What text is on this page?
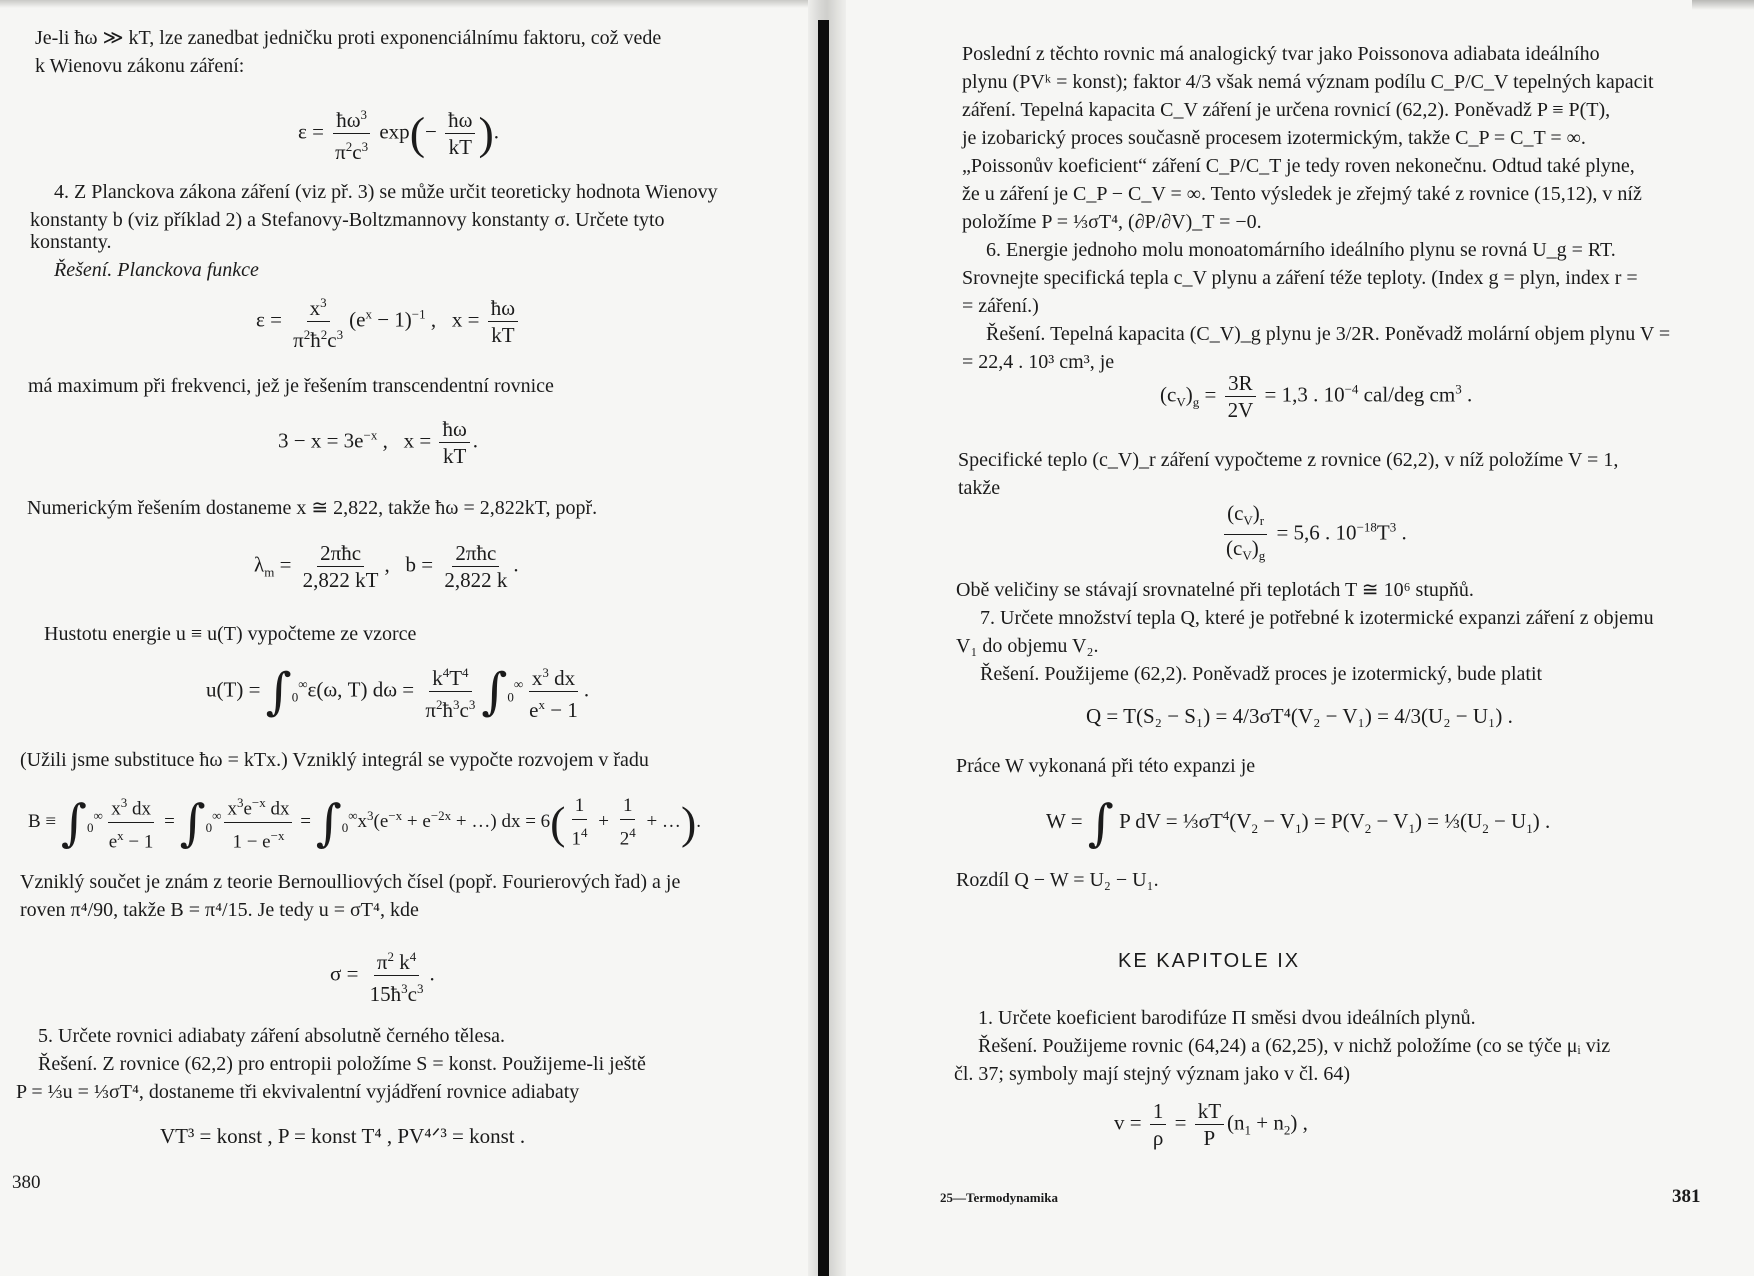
Je-li ħω ≫ kT, lze zanedbat jedničku proti exponenciálnímu faktoru, což vede
k Wienovu zákonu záření:
$\varepsilon = \frac{ħ\omega^3}{\pi^2c^3} \exp(- \frac{ħ\omega}{kT}$ ).
4. Z Planckova zákona záření (viz př. 3) se může určit teoreticky hodnota Wienovy
konstanty b (viz příklad 2) a Stefanovy-Boltzmannovy konstanty σ. Určete tyto
konstanty.
Řešení. Planckova funkce
$\varepsilon = \frac{x^3}{\pi^2ħ^2c^3} (e^x - 1)^{-1}$ ,   $x = \frac{ħ\omega}{kT}$
má maximum při frekvenci, jež je řešením transcendentní rovnice
$3 - x = 3e^{-x}$ ,   $x = \frac{ħ\omega}{kT}$ .
Numerickým řešením dostaneme x ≅ 2,822, takže ħω = 2,822kT, popř.
$\lambda_m = \frac{\text{2πħc}}{2,822 kT}$ ,   $b = \frac{\text{2πħc}}{2,822 k}$ .
Hustotu energie u ≡ u(T) vypočteme ze vzorce
$u(T) = \int_0^\infty\varepsilon(\omega$, T) $d\omega = \frac{k^4T^4}{\pi^2ħ^3c^3} \int_0^\infty \frac{x^3 dx}{e^x - 1}$ .
(Užili jsme substituce ħω = kTx.) Vzniklý integrál se vypočte rozvojem v řadu
$B \equiv \int_0^\infty \frac{x^3 dx}{e^x - 1} = \int_0^\infty \frac{x^3e^{-x} dx}{1 - e^{-x}} = \int_0^\infty x^3(e^{-x} + e^{-2x}$ + …) dx = $6( \frac{1}{1^4} + \frac{1}{2^4}$ + …).
Vzniklý součet je znám z teorie Bernoulliových čísel (popř. Fourierových řad) a je
roven π⁴/90, takže B = π⁴/15. Je tedy u = σT⁴, kde
$\sigma = \frac{\pi^2 k^4}{15ħ^3c^3}$ .
5. Určete rovnici adiabaty záření absolutně černého tělesa.
Řešení. Z rovnice (62,2) pro entropii položíme S = konst. Použijeme-li ještě
P = ⅓u = ⅓σT⁴, dostaneme tři ekvivalentní vyjádření rovnice adiabaty
VT³ = konst , P = konst T⁴ , PV⁴ᐟ³ = konst .
380
Poslední z těchto rovnic má analogický tvar jako Poissonova adiabata ideálního
plynu (PVᵏ = konst); faktor 4/3 však nemá význam podílu C_P/C_V tepelných kapacit
záření. Tepelná kapacita C_V záření je určena rovnicí (62,2). Poněvadž P ≡ P(T),
je izobarický proces současně procesem izotermickým, takže C_P = C_T = ∞.
„Poissonův koeficient“ záření C_P/C_T je tedy roven nekonečnu. Odtud také plyne,
že u záření je C_P − C_V = ∞. Tento výsledek je zřejmý také z rovnice (15,12), v níž
položíme P = ⅓σT⁴, (∂P/∂V)_T = −0.
6. Energie jednoho molu monoatomárního ideálního plynu se rovná U_g = RT.
Srovnejte specifická tepla c_V plynu a záření téže teploty. (Index g = plyn, index r =
= záření.)
Řešení. Tepelná kapacita (C_V)_g plynu je 3/2R. Poněvadž molární objem plynu V =
= 22,4 . 10³ cm³, je
$(c_V)_g = \frac{3R}{2V} = 1,3$ . $10^{-4}$ cal/deg $cm^3$ .
Specifické teplo (c_V)_r záření vypočteme z rovnice (62,2), v níž položíme V = 1,
takže
$\frac{(c_V)_r}{(c_V)_g} = 5,6$ . $10^{-18}T^3$ .
Obě veličiny se stávají srovnatelné při teplotách T ≅ 10⁶ stupňů.
7. Určete množství tepla Q, které je potřebné k izotermické expanzi záření z objemu
V₁ do objemu V₂.
Řešení. Použijeme (62,2). Poněvadž proces je izotermický, bude platit
Q = T(S₂ − S₁) = 4/3σT⁴(V₂ − V₁) = 4/3(U₂ − U₁) .
Práce W vykonaná při této expanzi je
W = ∫ P dV = $\frac{1}{3}\sigma T^4(V_2 - V_1) = P(V_2 - V_1)$ = $\frac{1}{3}(U_2 - U_1)$ .
Rozdíl Q − W = U₂ − U₁.
KE KAPITOLE IX
1. Určete koeficient barodifúze Π směsi dvou ideálních plynů.
Řešení. Použijeme rovnic (64,24) a (62,25), v nichž položíme (co se týče μᵢ viz
čl. 37; symboly mají stejný význam jako v čl. 64)
$v = \frac{1}{\rho} = \frac{kT}{P} (n_1 + n_2)$ ,
25—Termodynamika	381
